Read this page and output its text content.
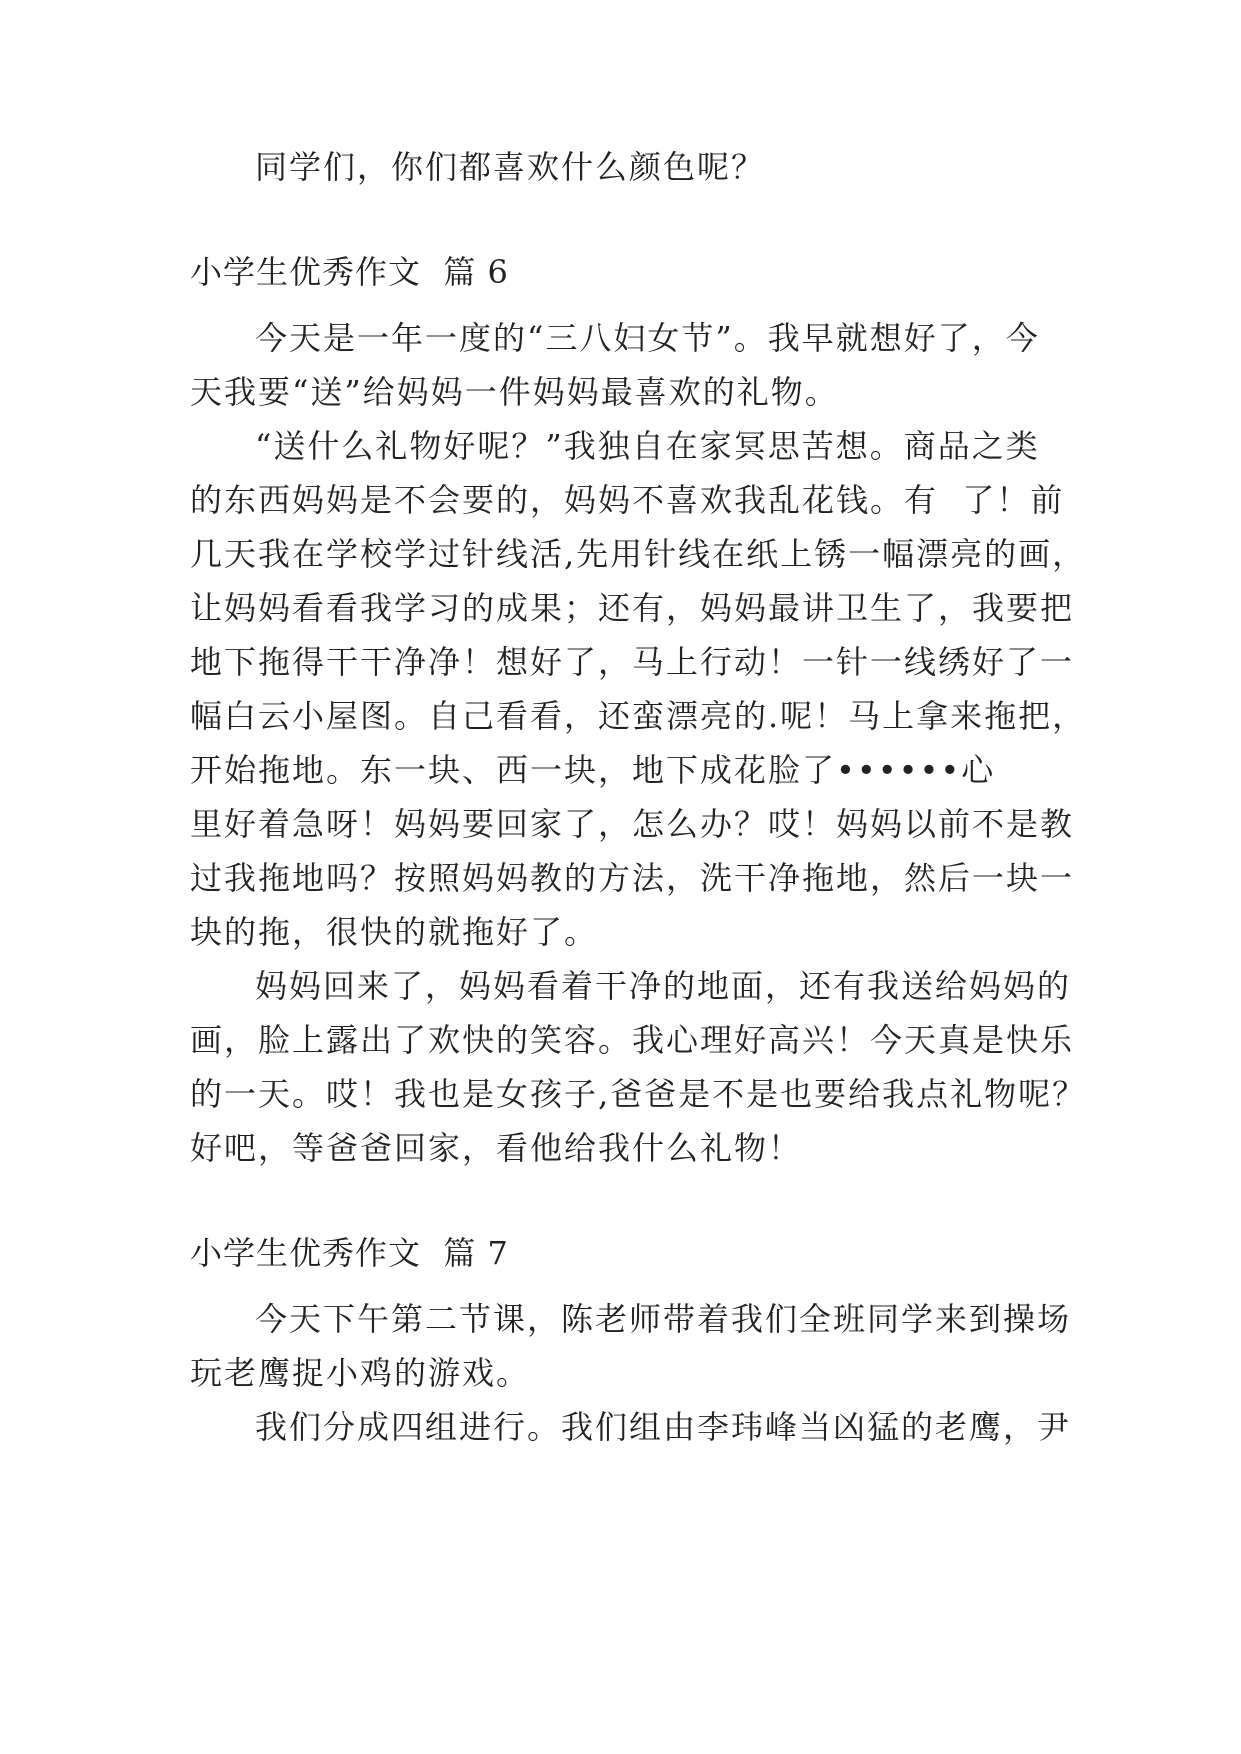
同学们，你们都喜欢什么颜色呢？
小学生优秀作文  篇 6
今天是一年一度的“三八妇女节”。我早就想好了，今
天我要“送”给妈妈一件妈妈最喜欢的礼物。
“送什么礼物好呢？”我独自在家冥思苦想。商品之类
的东西妈妈是不会要的，妈妈不喜欢我乱花钱。有  了！前
几天我在学校学过针线活,先用针线在纸上锈一幅漂亮的画，
让妈妈看看我学习的成果；还有，妈妈最讲卫生了，我要把
地下拖得干干净净！想好了，马上行动！一针一线绣好了一
幅白云小屋图。自己看看，还蛮漂亮的.呢！马上拿来拖把，
开始拖地。东一块、西一块，地下成花脸了••••••心
里好着急呀！妈妈要回家了，怎么办？哎！妈妈以前不是教
过我拖地吗？按照妈妈教的方法，洗干净拖地，然后一块一
块的拖，很快的就拖好了。
妈妈回来了，妈妈看着干净的地面，还有我送给妈妈的
画，脸上露出了欢快的笑容。我心理好高兴！今天真是快乐
的一天。哎！我也是女孩子,爸爸是不是也要给我点礼物呢？
好吧，等爸爸回家，看他给我什么礼物！
小学生优秀作文  篇 7
今天下午第二节课，陈老师带着我们全班同学来到操场
玩老鹰捉小鸡的游戏。
我们分成四组进行。我们组由李玮峰当凶猛的老鹰，尹
